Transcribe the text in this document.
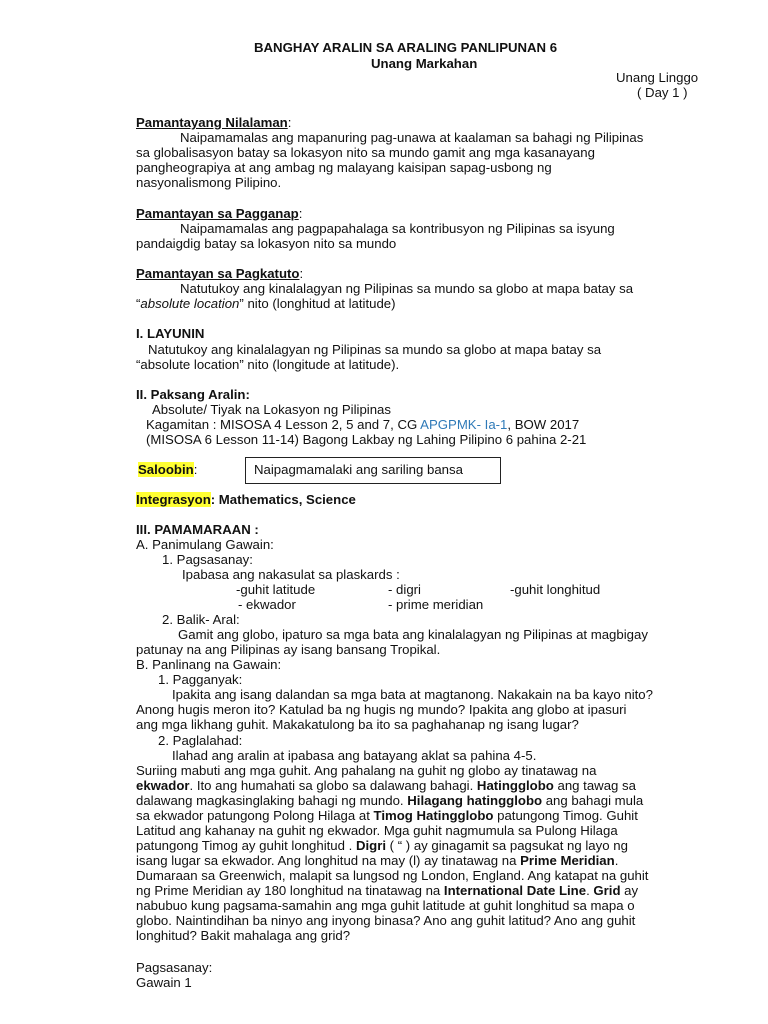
BANGHAY ARALIN SA ARALING PANLIPUNAN 6
Unang Markahan
Unang Linggo
( Day 1 )
Pamantayang Nilalaman:
Naipamamalas ang mapanuring pag-unawa at kaalaman sa bahagi ng Pilipinas
sa globalisasyon batay sa lokasyon nito sa mundo gamit ang mga kasanayang
pangheograpiya at ang ambag ng malayang kaisipan sapag-usbong ng
nasyonalismong Pilipino.
Pamantayan sa Pagganap:
Naipamamalas ang pagpapahalaga sa kontribusyon ng Pilipinas sa isyung
pandaigdig batay sa lokasyon nito sa mundo
Pamantayan sa Pagkatuto:
Natutukoy ang kinalalagyan ng Pilipinas sa mundo sa globo at mapa batay sa
“absolute location” nito (longhitud at latitude)
I. LAYUNIN
Natutukoy ang kinalalagyan ng Pilipinas sa mundo sa globo at mapa batay sa
“absolute location” nito (longitude at latitude).
II. Paksang Aralin:
Absolute/ Tiyak na Lokasyon ng Pilipinas
Kagamitan : MISOSA 4 Lesson 2, 5 and 7, CG APGPMK- Ia-1, BOW 2017
(MISOSA 6 Lesson 11-14) Bagong Lakbay ng Lahing Pilipino 6 pahina 2-21
Saloobin:	Naipagmamalaki ang sariling bansa
Integrasyon: Mathematics, Science
III. PAMAMARAAN :
A. Panimulang Gawain:
1. Pagsasanay:
Ipabasa ang nakasulat sa plaskards :
-guhit latitude	- digri	-guhit longhitud
- ekwador	- prime meridian
2. Balik- Aral:
Gamit ang globo, ipaturo sa mga bata ang kinalalagyan ng Pilipinas at magbigay
patunay na ang Pilipinas ay isang bansang Tropikal.
B. Panlinang na Gawain:
1. Pagganyak:
Ipakita ang isang dalandan sa mga bata at magtanong. Nakakain na ba kayo nito?
Anong hugis meron ito? Katulad ba ng hugis ng mundo? Ipakita ang globo at ipasuri
ang mga likhang guhit. Makakatulong ba ito sa paghahanap ng isang lugar?
2. Paglalahad:
Ilahad ang aralin at ipabasa ang batayang aklat sa pahina 4-5.
Suriing mabuti ang mga guhit. Ang pahalang na guhit ng globo ay tinatawag na
ekwador. Ito ang humahati sa globo sa dalawang bahagi. Hatingglobo ang tawag sa
dalawang magkasinglaking bahagi ng mundo. Hilagang hatingglobo ang bahagi mula
sa ekwador patungong Polong Hilaga at Timog Hatingglobo patungong Timog. Guhit
Latitud ang kahanay na guhit ng ekwador. Mga guhit nagmumula sa Pulong Hilaga
patungong Timog ay guhit longhitud . Digri ( “ ) ay ginagamit sa pagsukat ng layo ng
isang lugar sa ekwador. Ang longhitud na may (l) ay tinatawag na Prime Meridian.
Dumaraan sa Greenwich, malapit sa lungsod ng London, England. Ang katapat na guhit
ng Prime Meridian ay 180 longhitud na tinatawag na International Date Line. Grid ay
nabubuo kung pagsama-samahin ang mga guhit latitude at guhit longhitud sa mapa o
globo. Naintindihan ba ninyo ang inyong binasa? Ano ang guhit latitud? Ano ang guhit
longhitud? Bakit mahalaga ang grid?
Pagsasanay:
Gawain 1
